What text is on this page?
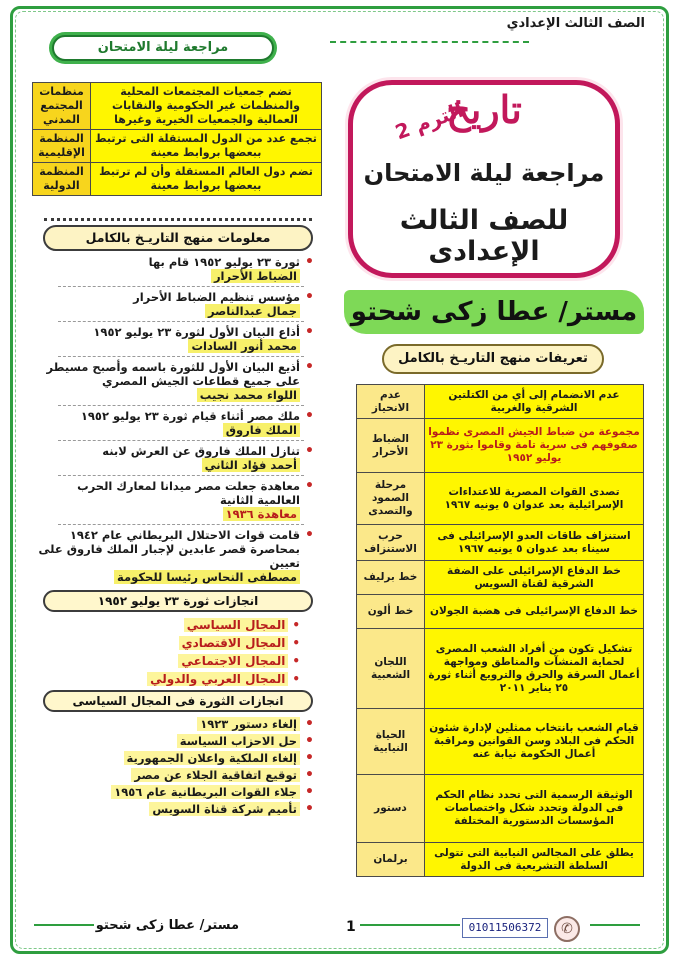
الصف الثالث الإعدادي
مراجعة ليلة الامتحان
تاريخ
الترم 2
مراجعة ليلة الامتحان
للصف الثالث الإعدادى
مستر/ عطا زكى شحتو
تعريفات منهج التاريـخ بالكامل
تضم جمعيات المجتمعات المحلية والمنظمات غير الحكومية والنقابات العمالية والجمعيات الخيرية وغيرها	منظمات المجتمع المدني
تجمع عدد من الدول المستقلة التى ترتبط ببعضها بروابط معينة	المنظمة الإقليمية
تضم دول العالم المستقلة وأن لم ترتبط ببعضها بروابط معينة	المنظمة الدولية
معلومات منهج التاريـخ بالكامل
• ثورة ٢٣ يوليو ١٩٥٢ قام بها
الضباط الأحرار
• مؤسس تنظيم الضباط الأحرار
جمال عبدالناصر
• أذاع البيان الأول لثورة ٢٣ يوليو ١٩٥٢
محمد أنور السادات
• أذيع البيان الأول للثورة باسمه وأصبح مسيطر على جميع قطاعات الجيش المصري
اللواء محمد نجيب
• ملك مصر أثناء قيام ثورة ٢٣ يوليو ١٩٥٢
الملك فاروق
• تنازل الملك فاروق عن العرش لابنه
أحمد فؤاد الثاني
• معاهدة جعلت مصر ميدانا لمعارك الحرب العالمية الثانية
معاهدة ١٩٣٦
• قامت قوات الاحتلال البريطاني عام ١٩٤٢ بمحاصرة قصر عابدين لإجبار الملك فاروق على تعيين
مصطفى النحاس رئيسا للحكومة
انجازات ثورة ٢٣ يوليو ١٩٥٢
• المجال السياسي
• المجال الاقتصادي
• المجال الاجتماعي
• المجال العربي والدولي
انجازات الثورة فى المجال السياسى
• إلغاء دستور ١٩٢٣
• حل الاحزاب السياسة
• إلغاء الملكية واعلان الجمهورية
• توقيع اتفاقية الجلاء عن مصر
• جلاء القوات البريطانية عام ١٩٥٦
• تأميم شركة قناة السويس
عدم الانضمام إلى أي من الكتلتين الشرقية والغربية	عدم الانحياز
مجموعة من ضباط الجيش المصرى نظموا صفوفهم فى سرية تامة وقاموا بثورة ٢٣ يوليو ١٩٥٢	الضباط الأحرار
تصدى القوات المصرية للاعتداءات الإسرائيلية بعد عدوان ٥ يونيه ١٩٦٧	مرحلة الصمود والتصدى
استنزاف طاقات العدو الإسرائيلى فى سيناء بعد عدوان ٥ يونيه ١٩٦٧	حرب الاستنزاف
خط الدفاع الإسرائيلى على الضفة الشرقية لقناة السويس	خط برليف
خط الدفاع الإسرائيلى فى هضبة الجولان	خط ألون
تشكيل تكون من أفراد الشعب المصرى لحماية المنشآت والمناطق ومواجهة أعمال السرقة والحرق والترويع أثناء ثورة ٢٥ يناير ٢٠١١	اللجان الشعبية
قيام الشعب بانتخاب ممثلين لإدارة شئون الحكم فى البلاد وسن القوانين ومراقبة أعمال الحكومة نيابة عنه	الحياة النيابية
الوثيقة الرسمية التى تحدد نظام الحكم فى الدولة وتحدد شكل واختصاصات المؤسسات الدستورية المختلفة	دستور
يطلق على المجالس النيابية التى تتولى السلطة التشريعية فى الدولة	برلمان
مستر/ عطا زكى شحتو	1	01011506372	✆
